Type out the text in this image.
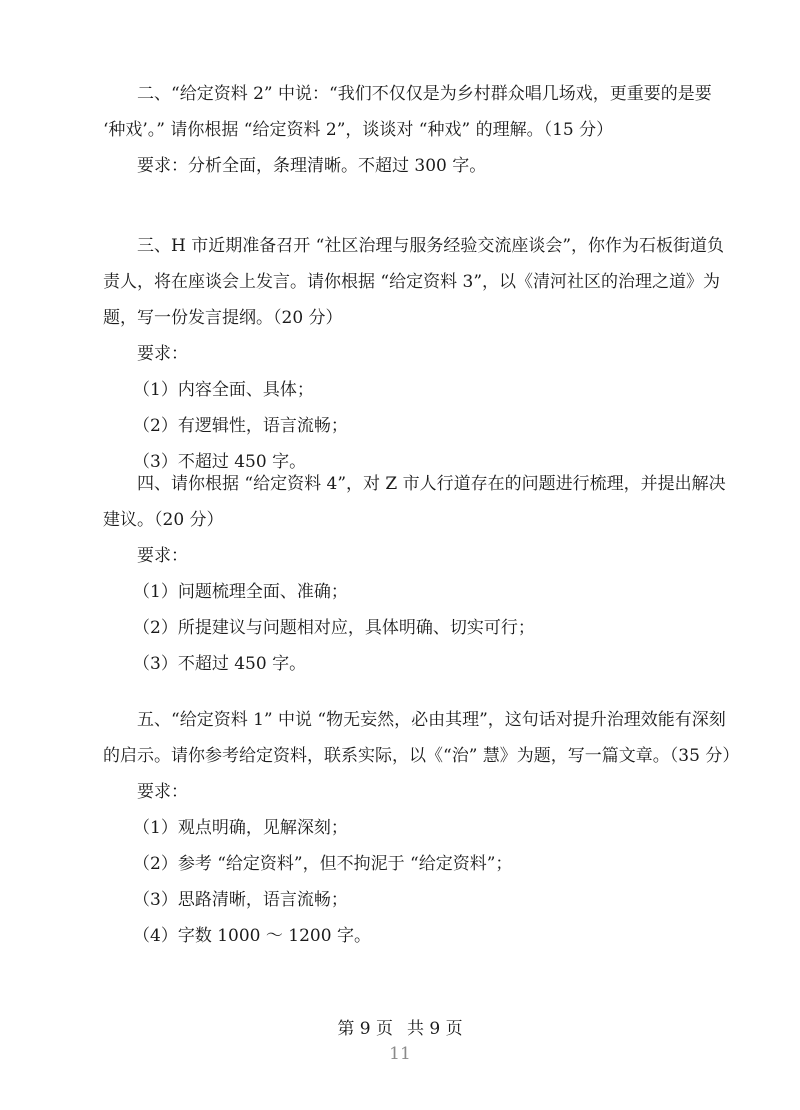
二、“给定资料 2” 中说：“我们不仅仅是为乡村群众唱几场戏，更重要的是要
‘种戏’。” 请你根据 “给定资料 2”，谈谈对 “种戏” 的理解。（15 分）
要求：分析全面，条理清晰。不超过 300 字。
三、H 市近期准备召开 “社区治理与服务经验交流座谈会”，你作为石板街道负
责人，将在座谈会上发言。请你根据 “给定资料 3”，以《清河社区的治理之道》为
题，写一份发言提纲。（20 分）
要求：
（1）内容全面、具体；
（2）有逻辑性，语言流畅；
（3）不超过 450 字。
四、请你根据 “给定资料 4”，对 Z 市人行道存在的问题进行梳理，并提出解决
建议。（20 分）
要求：
（1）问题梳理全面、准确；
（2）所提建议与问题相对应，具体明确、切实可行；
（3）不超过 450 字。
五、“给定资料 1” 中说 “物无妄然，必由其理”，这句话对提升治理效能有深刻
的启示。请你参考给定资料，联系实际，以《“治” 慧》为题，写一篇文章。（35 分）
要求：
（1）观点明确，见解深刻；
（2）参考 “给定资料”，但不拘泥于 “给定资料”；
（3）思路清晰，语言流畅；
（4）字数 1000 ～ 1200 字。
第 9 页 共 9 页
11
